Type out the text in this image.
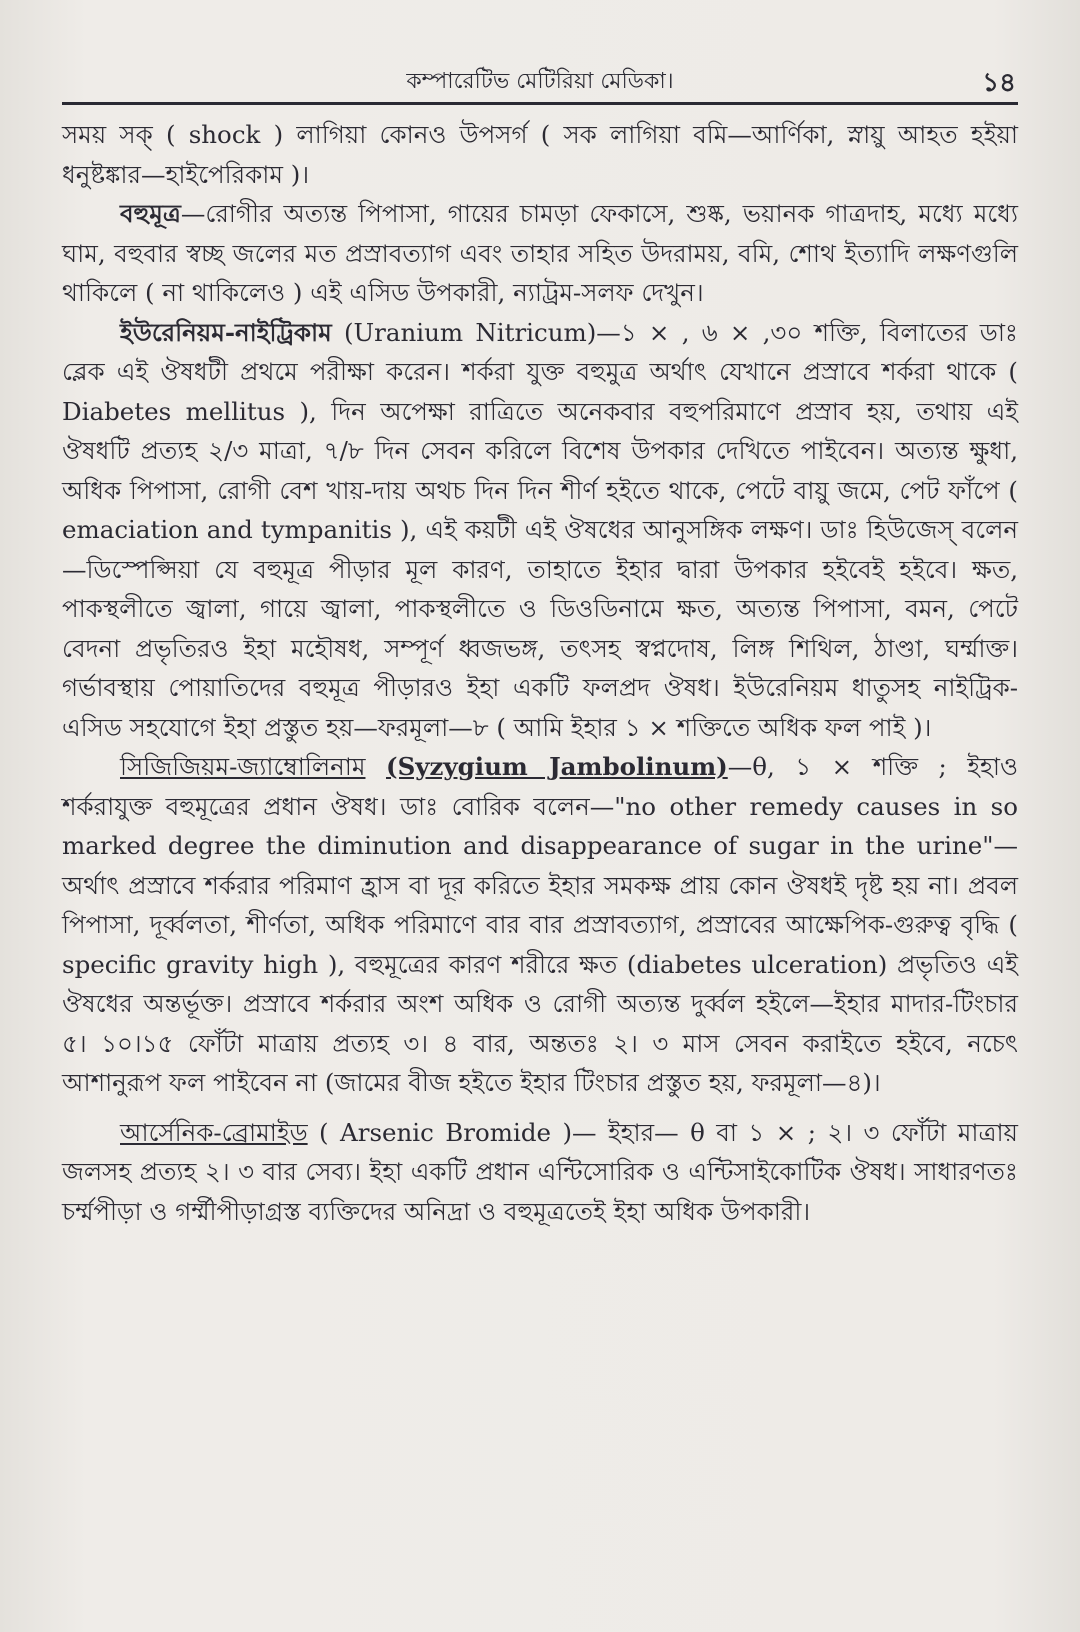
কম্পারেটিভ মেটিরিয়া মেডিকা।	১৪

সময় সক্ ( shock ) লাগিয়া কোনও উপসর্গ ( সক লাগিয়া বমি—আর্ণিকা, স্নায়ু আহত হইয়া ধনুষ্টঙ্কার—হাইপেরিকাম )।

বহুমূত্র—রোগীর অত্যন্ত পিপাসা, গায়ের চামড়া ফেকাসে, শুষ্ক, ভয়ানক গাত্রদাহ, মধ্যে মধ্যে ঘাম, বহুবার স্বচ্ছ জলের মত প্রস্রাবত্যাগ এবং তাহার সহিত উদরাময়, বমি, শোথ ইত্যাদি লক্ষণগুলি থাকিলে ( না থাকিলেও ) এই এসিড উপকারী, ন্যাট্রম-সলফ দেখুন।

ইউরেনিয়ম-নাইট্রিকাম (Uranium Nitricum)—১ × , ৬ × ,৩০ শক্তি, বিলাতের ডাঃ ব্লেক এই ঔষধটী প্রথমে পরীক্ষা করেন। শর্করা যুক্ত বহুমুত্র অর্থাৎ যেখানে প্রস্রাবে শর্করা থাকে ( Diabetes mellitus ), দিন অপেক্ষা রাত্রিতে অনেকবার বহুপরিমাণে প্রস্রাব হয়, তথায় এই ঔষধটি প্রত্যহ ২/৩ মাত্রা, ৭/৮ দিন সেবন করিলে বিশেষ উপকার দেখিতে পাইবেন। অত্যন্ত ক্ষুধা, অধিক পিপাসা, রোগী বেশ খায়-দায় অথচ দিন দিন শীর্ণ হইতে থাকে, পেটে বায়ু জমে, পেট ফাঁপে ( emaciation and tympanitis ), এই কয়টী এই ঔষধের আনুসঙ্গিক লক্ষণ। ডাঃ হিউজেস্ বলেন—ডিস্পেপ্সিয়া যে বহুমূত্র পীড়ার মূল কারণ, তাহাতে ইহার দ্বারা উপকার হইবেই হইবে। ক্ষত, পাকস্থলীতে জ্বালা, গায়ে জ্বালা, পাকস্থলীতে ও ডিওডিনামে ক্ষত, অত্যন্ত পিপাসা, বমন, পেটে বেদনা প্রভৃতিরও ইহা মহৌষধ, সম্পূর্ণ ধ্বজভঙ্গ, তৎসহ স্বপ্নদোষ, লিঙ্গ শিথিল, ঠাণ্ডা, ঘর্ম্মাক্ত। গর্ভাবস্থায় পোয়াতিদের বহুমূত্র পীড়ারও ইহা একটি ফলপ্রদ ঔষধ। ইউরেনিয়ম ধাতুসহ নাইট্রিক-এসিড সহযোগে ইহা প্রস্তুত হয়—ফরমূলা—৮ ( আমি ইহার ১ × শক্তিতে অধিক ফল পাই )।

সিজিজিয়ম-জ্যাম্বোলিনাম (Syzygium Jambolinum)—θ, ১ × শক্তি ; ইহাও শর্করাযুক্ত বহুমূত্রের প্রধান ঔষধ। ডাঃ বোরিক বলেন—"no other remedy causes in so marked degree the diminution and disappearance of sugar in the urine"—অর্থাৎ প্রস্রাবে শর্করার পরিমাণ হ্রাস বা দূর করিতে ইহার সমকক্ষ প্রায় কোন ঔষধই দৃষ্ট হয় না। প্রবল পিপাসা, দূর্ব্বলতা, শীর্ণতা, অধিক পরিমাণে বার বার প্রস্রাবত্যাগ, প্রস্রাবের আক্ষেপিক-গুরুত্ব বৃদ্ধি ( specific gravity high ), বহুমূত্রের কারণ শরীরে ক্ষত (diabetes ulceration) প্রভৃতিও এই ঔষধের অন্তর্ভূক্ত। প্রস্রাবে শর্করার অংশ অধিক ও রোগী অত্যন্ত দুর্ব্বল হইলে—ইহার মাদার-টিংচার ৫। ১০।১৫ ফোঁটা মাত্রায় প্রত্যহ ৩। ৪ বার, অন্ততঃ ২। ৩ মাস সেবন করাইতে হইবে, নচেৎ আশানুরূপ ফল পাইবেন না (জামের বীজ হইতে ইহার টিংচার প্রস্তুত হয়, ফরমূলা—৪)।

আর্সেনিক-ব্রোমাইড ( Arsenic Bromide )— ইহার— θ বা ১ × ; ২। ৩ ফোঁটা মাত্রায় জলসহ প্রত্যহ ২। ৩ বার সেব্য। ইহা একটি প্রধান এন্টিসোরিক ও এন্টিসাইকোটিক ঔষধ। সাধারণতঃ চর্ম্মপীড়া ও গর্ম্মীপীড়াগ্রস্ত ব্যক্তিদের অনিদ্রা ও বহুমূত্রতেই ইহা অধিক উপকারী।
